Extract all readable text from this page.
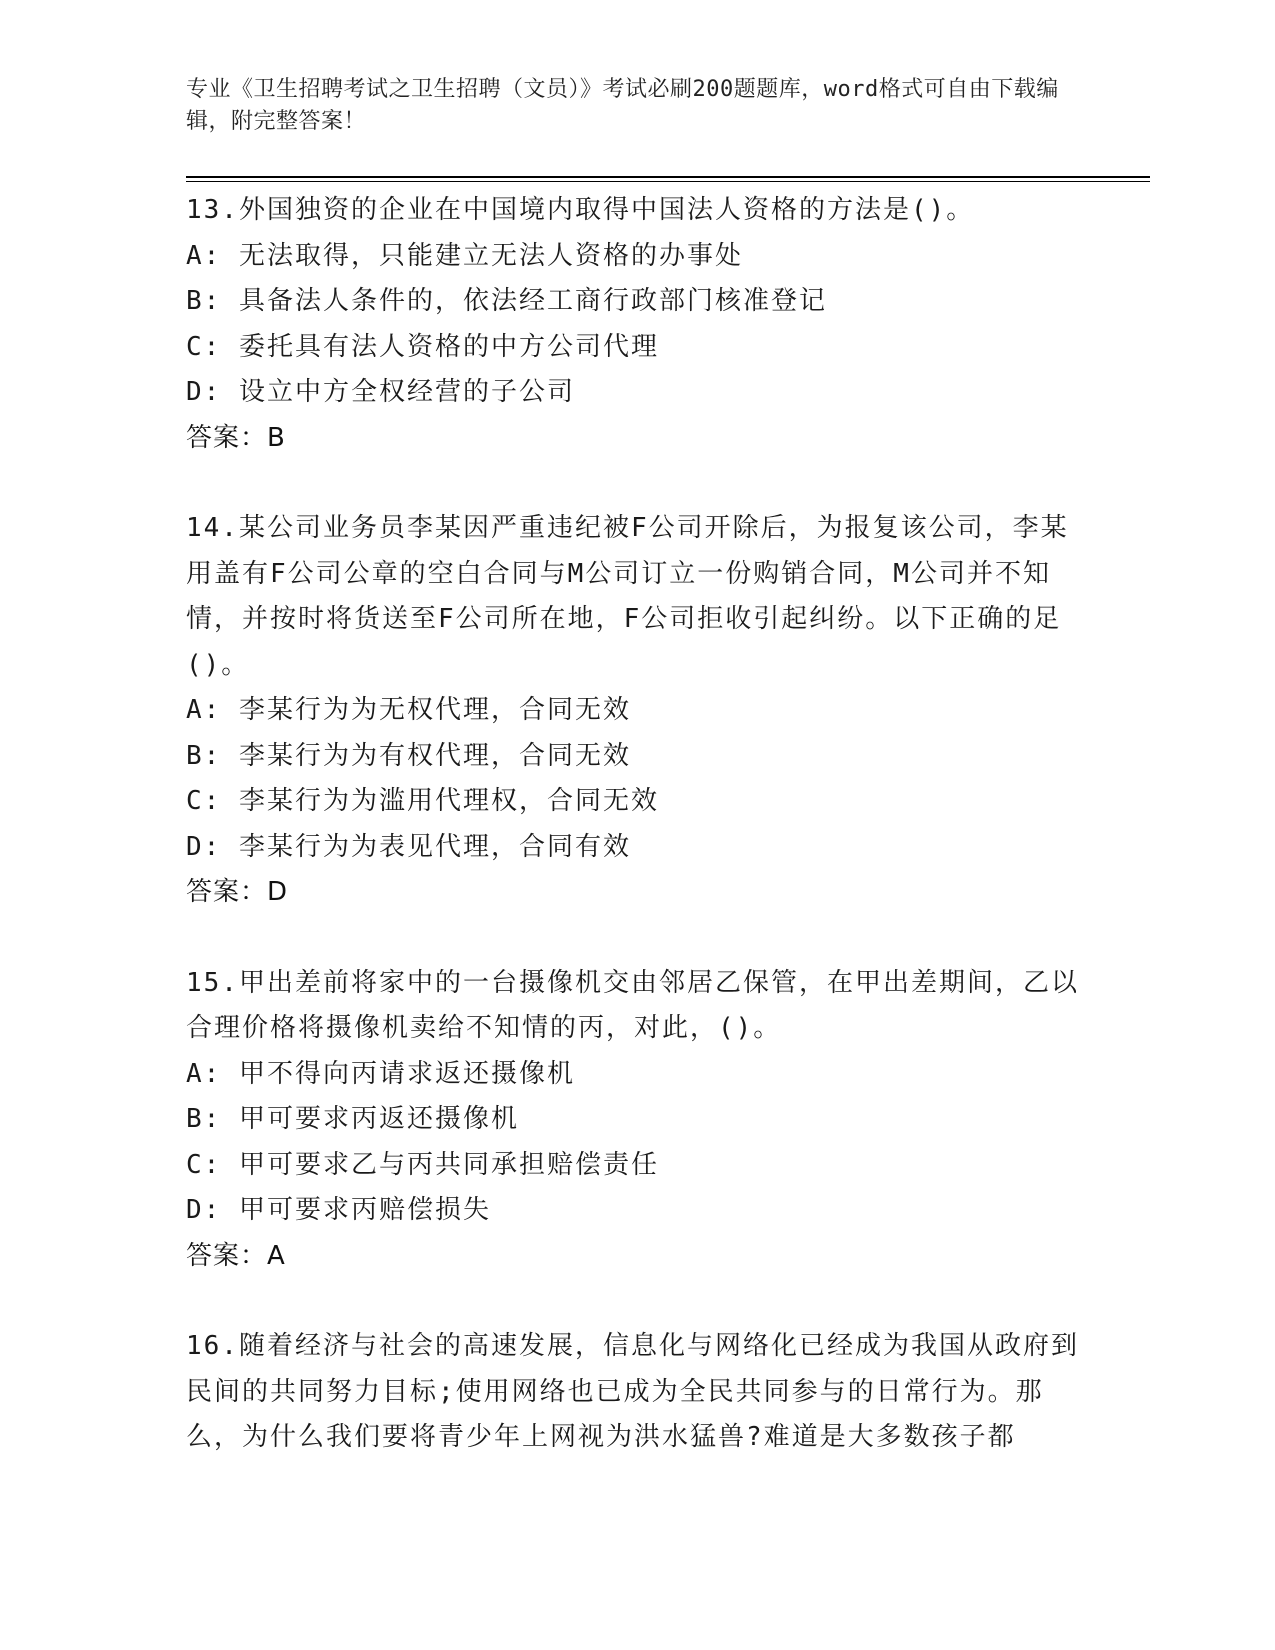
专业《卫生招聘考试之卫生招聘（文员）》考试必刷200题题库，word格式可自由下载编辑，附完整答案！

13.外国独资的企业在中国境内取得中国法人资格的方法是()。

A: 无法取得，只能建立无法人资格的办事处

B: 具备法人条件的，依法经工商行政部门核准登记

C: 委托具有法人资格的中方公司代理

D: 设立中方全权经营的子公司

答案：B

14.某公司业务员李某因严重违纪被F公司开除后，为报复该公司，李某用盖有F公司公章的空白合同与M公司订立一份购销合同，M公司并不知情，并按时将货送至F公司所在地，F公司拒收引起纠纷。以下正确的足()。

A: 李某行为为无权代理，合同无效

B: 李某行为为有权代理，合同无效

C: 李某行为为滥用代理权，合同无效

D: 李某行为为表见代理，合同有效

答案：D

15.甲出差前将家中的一台摄像机交由邻居乙保管，在甲出差期间，乙以合理价格将摄像机卖给不知情的丙，对此，()。

A: 甲不得向丙请求返还摄像机

B: 甲可要求丙返还摄像机

C: 甲可要求乙与丙共同承担赔偿责任

D: 甲可要求丙赔偿损失

答案：A

16.随着经济与社会的高速发展，信息化与网络化已经成为我国从政府到民间的共同努力目标;使用网络也已成为全民共同参与的日常行为。那么，为什么我们要将青少年上网视为洪水猛兽?难道是大多数孩子都
